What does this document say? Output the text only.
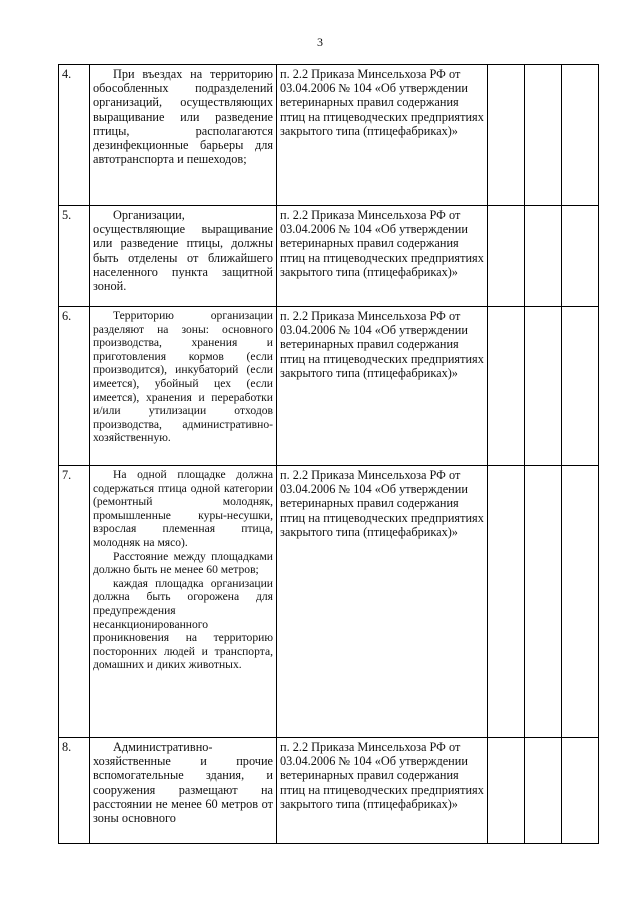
3
4.	При въездах на территорию обособленных подразделений организаций, осуществляющих выращивание или разведение птицы, располагаются дезинфекционные барьеры для автотранспорта и пешеходов;	п. 2.2 Приказа Минсельхоза РФ от 03.04.2006 № 104 «Об утверждении ветеринарных правил содержания птиц на птицеводческих предприятиях закрытого типа (птицефабриках)»			
5.	Организации, осуществляющие выращивание или разведение птицы, должны быть отделены от ближайшего населенного пункта защитной зоной.	п. 2.2 Приказа Минсельхоза РФ от 03.04.2006 № 104 «Об утверждении ветеринарных правил содержания птиц на птицеводческих предприятиях закрытого типа (птицефабриках)»			
6.	Территорию организации разделяют на зоны: основного производства, хранения и приготовления кормов (если производится), инкубаторий (если имеется), убойный цех (если имеется), хранения и переработки и/или утилизации отходов производства, административно-хозяйственную.	п. 2.2 Приказа Минсельхоза РФ от 03.04.2006 № 104 «Об утверждении ветеринарных правил содержания птиц на птицеводческих предприятиях закрытого типа (птицефабриках)»			
7.	На одной площадке должна содержаться птица одной категории (ремонтный молодняк, промышленные куры-несушки, взрослая племенная птица, молодняк на мясо).
Расстояние между площадками должно быть не менее 60 метров;
каждая площадка организации должна быть огорожена для предупреждения несанкционированного проникновения на территорию посторонних людей и транспорта, домашних и диких животных.	п. 2.2 Приказа Минсельхоза РФ от 03.04.2006 № 104 «Об утверждении ветеринарных правил содержания птиц на птицеводческих предприятиях закрытого типа (птицефабриках)»			
8.	Административно-хозяйственные и прочие вспомогательные здания, и сооружения размещают на расстоянии не менее 60 метров от зоны основного	п. 2.2 Приказа Минсельхоза РФ от 03.04.2006 № 104 «Об утверждении ветеринарных правил содержания птиц на птицеводческих предприятиях закрытого типа (птицефабриках)»			
